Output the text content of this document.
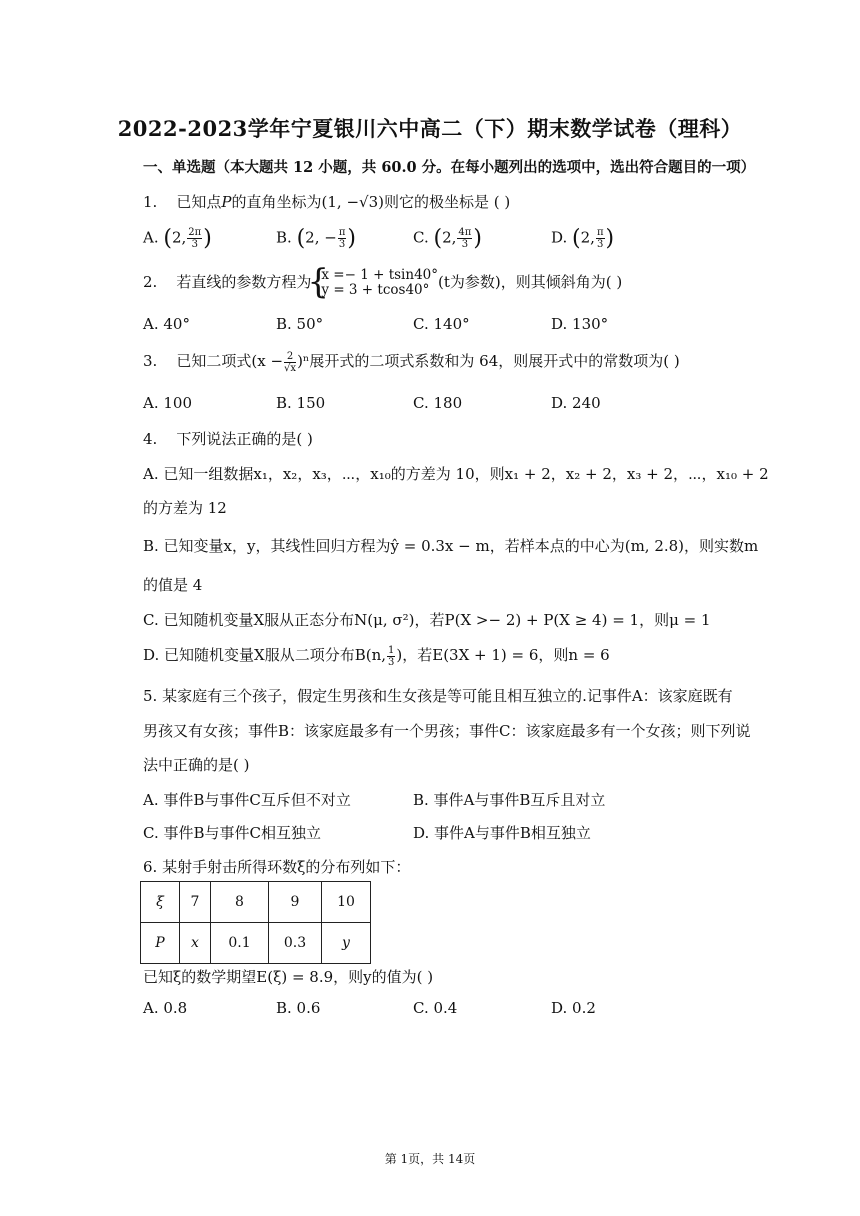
2022-2023学年宁夏银川六中高二（下）期末数学试卷（理科）
一、单选题（本大题共 12 小题，共 60.0 分。在每小题列出的选项中，选出符合题目的一项）
1. 已知点P的直角坐标为(1, −√3)则它的极坐标是 ( )
A. (2, $\frac{2\pi}{3}$ )	B. (2, − $\frac{\pi}{3}$ )	C. (2, $\frac{4\pi}{3}$ )	D. (2, $\frac{\pi}{3}$ )
2. 若直线的参数方程为 { x =− 1 + tsin40°
y = 3 + tcos40° (t为参数)，则其倾斜角为( )
A. 40°	B. 50°	C. 140°	D. 130°
3. 已知二项式$(x - \frac{2}{√x} )^n$展开式的二项式系数和为 64，则展开式中的常数项为( )
A. 100	B. 150	C. 180	D. 240
4. 下列说法正确的是( )
A. 已知一组数据x₁，x₂，x₃，⋯，x₁₀的方差为 10，则x₁ + 2，x₂ + 2，x₃ + 2，⋯，x₁₀ + 2
的方差为 12
B. 已知变量x，y，其线性回归方程为ŷ = 0.3x − m，若样本点的中心为(m, 2.8)，则实数m
的值是 4
C. 已知随机变量X服从正态分布N(μ, σ²)，若P(X >− 2) + P(X ≥ 4) = 1，则μ = 1
D. 已知随机变量X服从二项分布B(n, $\frac{1}{3}$ )，若E(3X + 1) = 6，则n = 6
5. 某家庭有三个孩子，假定生男孩和生女孩是等可能且相互独立的.记事件A：该家庭既有
男孩又有女孩；事件B：该家庭最多有一个男孩；事件C：该家庭最多有一个女孩；则下列说
法中正确的是( )
A. 事件B与事件C互斥但不对立	B. 事件A与事件B互斥且对立
C. 事件B与事件C相互独立	D. 事件A与事件B相互独立
6. 某射手射击所得环数ξ的分布列如下：
ξ	7	8	9	10
P	x	0.1	0.3	y
已知ξ的数学期望E(ξ) = 8.9，则y的值为( )
A. 0.8	B. 0.6	C. 0.4	D. 0.2
第 1页，共 14页
